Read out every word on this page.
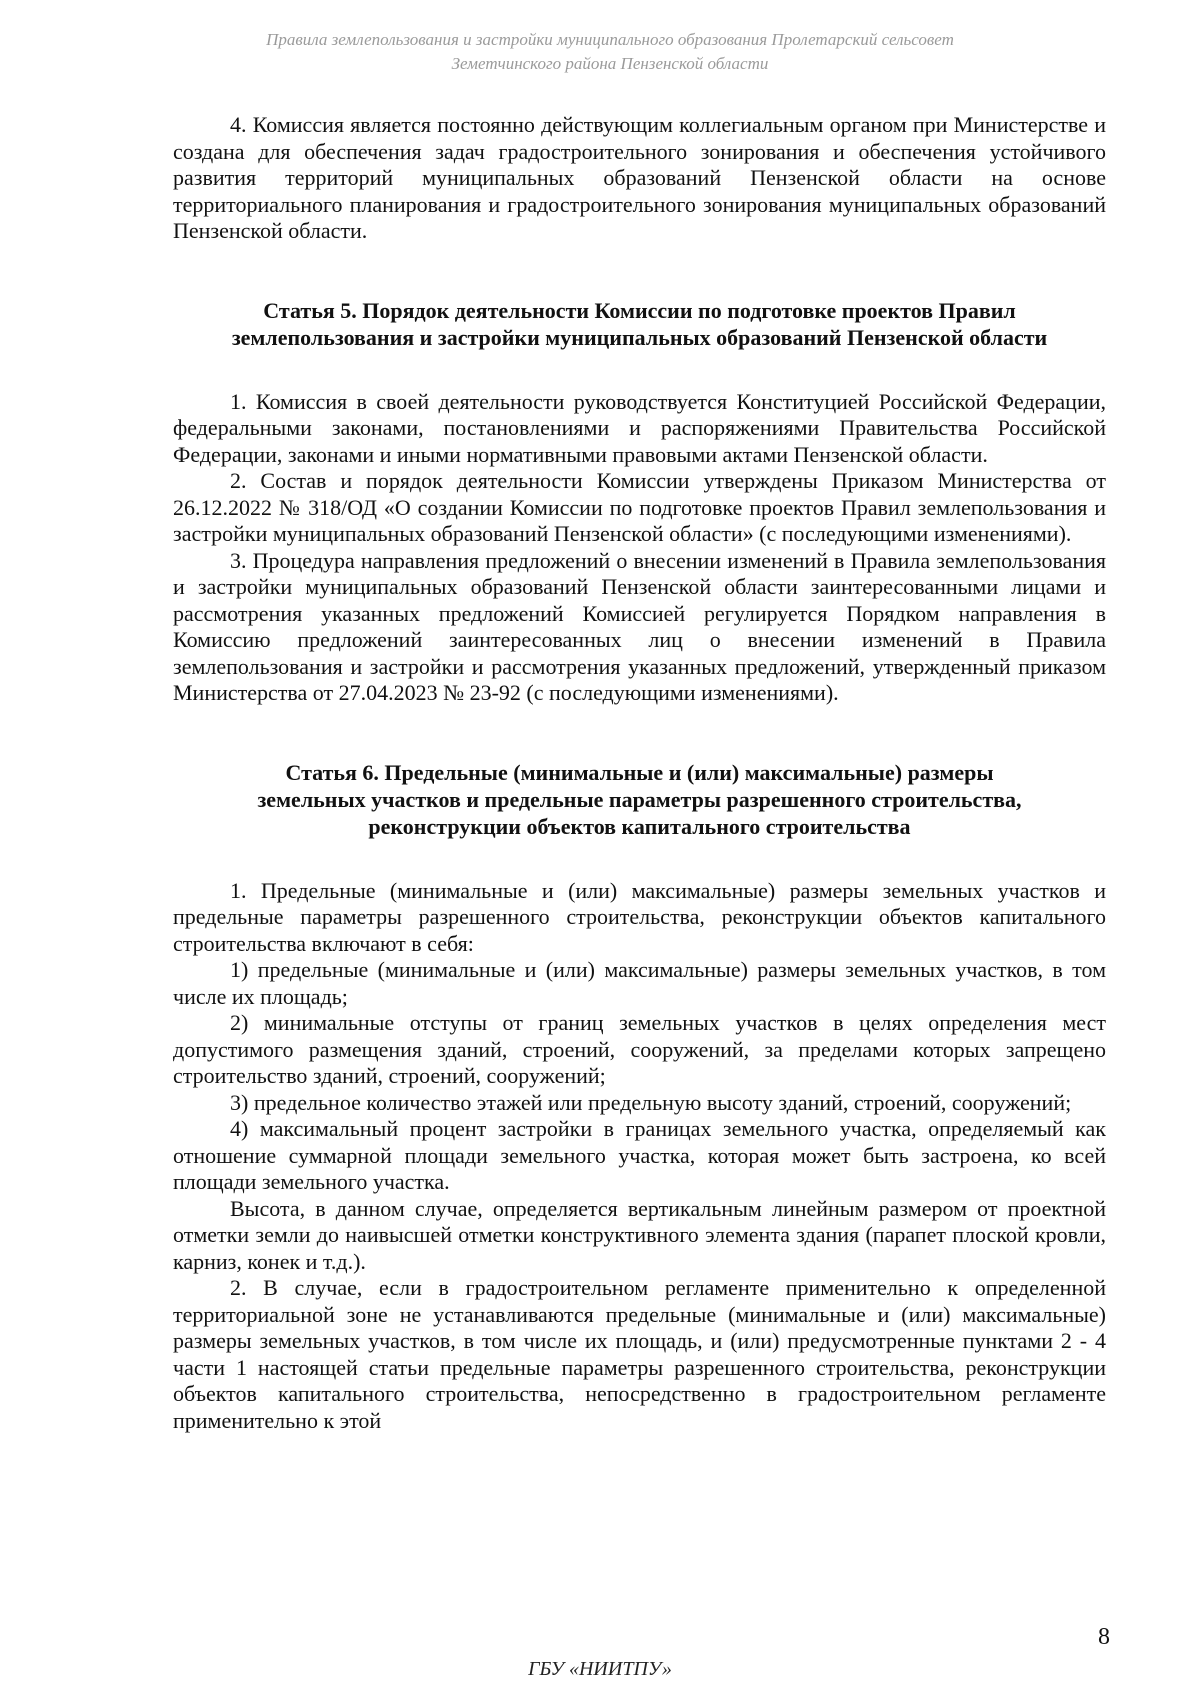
Правила землепользования и застройки муниципального образования Пролетарский сельсовет
Земетчинского района Пензенской области

4. Комиссия является постоянно действующим коллегиальным органом при Министерстве и создана для обеспечения задач градостроительного зонирования и обеспечения устойчивого развития территорий муниципальных образований Пензенской области на основе территориального планирования и градостроительного зонирования муниципальных образований Пензенской области.

Статья 5. Порядок деятельности Комиссии по подготовке проектов Правил
землепользования и застройки муниципальных образований Пензенской области

1. Комиссия в своей деятельности руководствуется Конституцией Российской Федерации, федеральными законами, постановлениями и распоряжениями Правительства Российской Федерации, законами и иными нормативными правовыми актами Пензенской области.

2. Состав и порядок деятельности Комиссии утверждены Приказом Министерства от 26.12.2022 № 318/ОД «О создании Комиссии по подготовке проектов Правил землепользования и застройки муниципальных образований Пензенской области» (с последующими изменениями).

3. Процедура направления предложений о внесении изменений в Правила землепользования и застройки муниципальных образований Пензенской области заинтересованными лицами и рассмотрения указанных предложений Комиссией регулируется Порядком направления в Комиссию предложений заинтересованных лиц о внесении изменений в Правила землепользования и застройки и рассмотрения указанных предложений, утвержденный приказом Министерства от 27.04.2023 № 23-92 (с последующими изменениями).

Статья 6. Предельные (минимальные и (или) максимальные) размеры
земельных участков и предельные параметры разрешенного строительства,
реконструкции объектов капитального строительства

1. Предельные (минимальные и (или) максимальные) размеры земельных участков и предельные параметры разрешенного строительства, реконструкции объектов капитального строительства включают в себя:

1) предельные (минимальные и (или) максимальные) размеры земельных участков, в том числе их площадь;

2) минимальные отступы от границ земельных участков в целях определения мест допустимого размещения зданий, строений, сооружений, за пределами которых запрещено строительство зданий, строений, сооружений;

3) предельное количество этажей или предельную высоту зданий, строений, сооружений;

4) максимальный процент застройки в границах земельного участка, определяемый как отношение суммарной площади земельного участка, которая может быть застроена, ко всей площади земельного участка.

Высота, в данном случае, определяется вертикальным линейным размером от проектной отметки земли до наивысшей отметки конструктивного элемента здания (парапет плоской кровли, карниз, конек и т.д.).

2. В случае, если в градостроительном регламенте применительно к определенной территориальной зоне не устанавливаются предельные (минимальные и (или) максимальные) размеры земельных участков, в том числе их площадь, и (или) предусмотренные пунктами 2 - 4 части 1 настоящей статьи предельные параметры разрешенного строительства, реконструкции объектов капитального строительства, непосредственно в градостроительном регламенте применительно к этой

8
ГБУ «НИИТПУ»
